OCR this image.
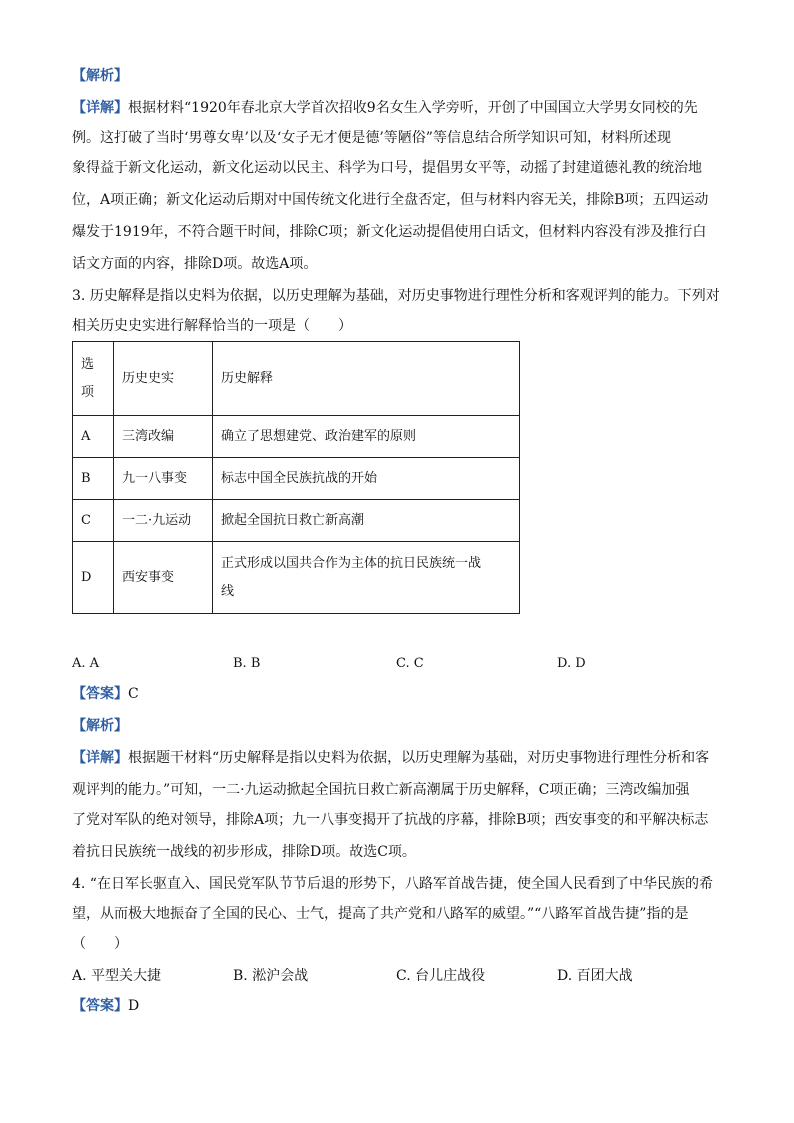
【解析】
【详解】根据材料“1920年春北京大学首次招收9名女生入学旁听，开创了中国国立大学男女同校的先
例。这打破了当时‘男尊女卑’以及‘女子无才便是德’等陋俗”等信息结合所学知识可知，材料所述现
象得益于新文化运动，新文化运动以民主、科学为口号，提倡男女平等，动摇了封建道德礼教的统治地
位，A项正确；新文化运动后期对中国传统文化进行全盘否定，但与材料内容无关，排除B项；五四运动
爆发于1919年，不符合题干时间，排除C项；新文化运动提倡使用白话文，但材料内容没有涉及推行白
话文方面的内容，排除D项。故选A项。
3. 历史解释是指以史料为依据，以历史理解为基础，对历史事物进行理性分析和客观评判的能力。下列对
相关历史史实进行解释恰当的一项是（　　）
选
项	历史史实	历史解释
A	三湾改编	确立了思想建党、政治建军的原则
B	九一八事变	标志中国全民族抗战的开始
C	一二·九运动	掀起全国抗日救亡新高潮
D	西安事变	正式形成以国共合作为主体的抗日民族统一战
线
A. A	B. B	C. C	D. D
【答案】C
【解析】
【详解】根据题干材料“历史解释是指以史料为依据，以历史理解为基础，对历史事物进行理性分析和客
观评判的能力。”可知，一二·九运动掀起全国抗日救亡新高潮属于历史解释，C项正确；三湾改编加强
了党对军队的绝对领导，排除A项；九一八事变揭开了抗战的序幕，排除B项；西安事变的和平解决标志
着抗日民族统一战线的初步形成，排除D项。故选C项。
4. “在日军长驱直入、国民党军队节节后退的形势下，八路军首战告捷，使全国人民看到了中华民族的希
望，从而极大地振奋了全国的民心、士气，提高了共产党和八路军的威望。”“八路军首战告捷”指的是
（　　）
A. 平型关大捷	B. 淞沪会战	C. 台儿庄战役	D. 百团大战
【答案】D
